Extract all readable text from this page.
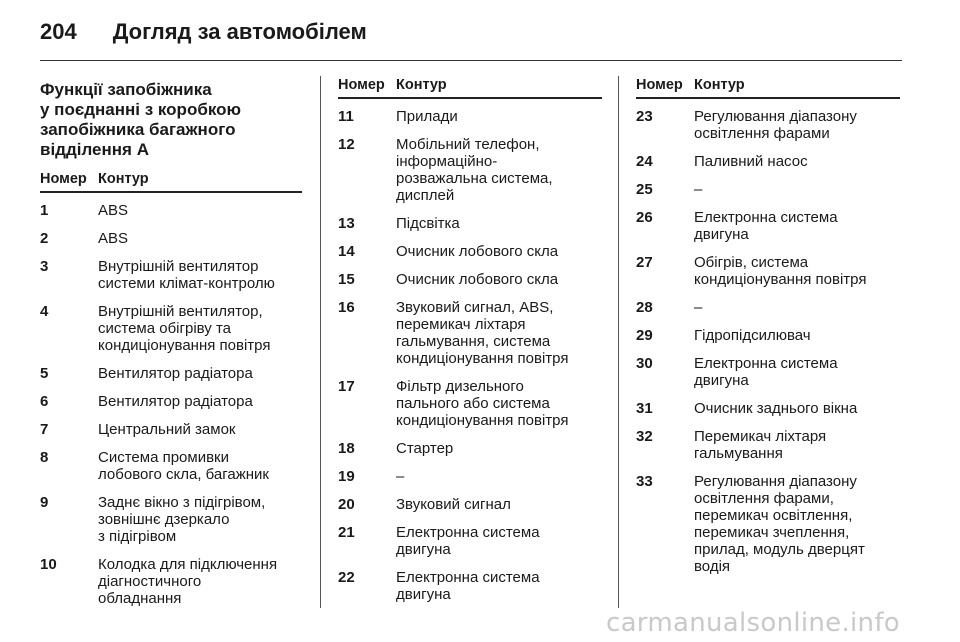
204 Догляд за автомобілем
Функції запобіжника
у поєднанні з коробкою
запобіжника багажного
відділення А
Номер Контур
1	ABS
2	ABS
3	Внутрішній вентилятор
системи клімат-контролю
4	Внутрішній вентилятор,
система обігріву та
кондиціонування повітря
5	Вентилятор радіатора
6	Вентилятор радіатора
7	Центральний замок
8	Система промивки
лобового скла, багажник
9	Заднє вікно з підігрівом,
зовнішнє дзеркало
з підігрівом
10	Колодка для підключення
діагностичного
обладнання
Номер Контур
11	Прилади
12	Мобільний телефон,
інформаційно-
розважальна система,
дисплей
13	Підсвітка
14	Очисник лобового скла
15	Очисник лобового скла
16	Звуковий сигнал, ABS,
перемикач ліхтаря
гальмування, система
кондиціонування повітря
17	Фільтр дизельного
пального або система
кондиціонування повітря
18	Стартер
19	–
20	Звуковий сигнал
21	Електронна система
двигуна
22	Електронна система
двигуна
Номер Контур
23	Регулювання діапазону
освітлення фарами
24	Паливний насос
25	–
26	Електронна система
двигуна
27	Обігрів, система
кондиціонування повітря
28	–
29	Гідропідсилювач
30	Електронна система
двигуна
31	Очисник заднього вікна
32	Перемикач ліхтаря
гальмування
33	Регулювання діапазону
освітлення фарами,
перемикач освітлення,
перемикач зчеплення,
прилад, модуль дверцят
водія
carmanualsonline.info
